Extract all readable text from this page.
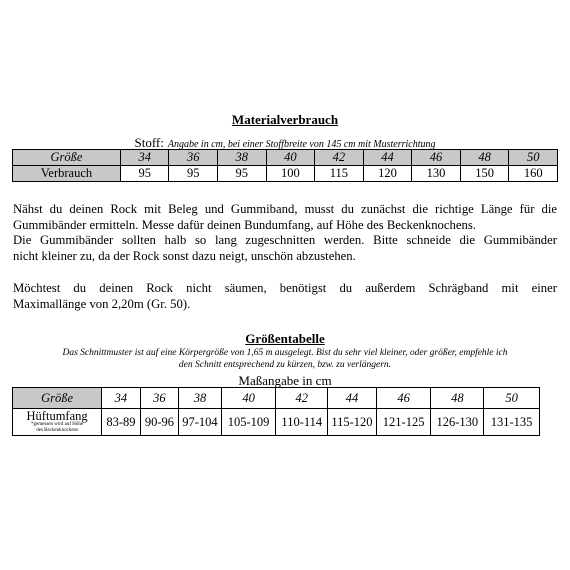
Materialverbrauch
Stoff: Angabe in cm, bei einer Stoffbreite von 145 cm mit Musterrichtung
Größe	34	36	38	40	42	44	46	48	50
Verbrauch	95	95	95	100	115	120	130	150	160
Nähst du deinen Rock mit Beleg und Gummiband, musst du zunächst die richtige Länge für die
Gummibänder ermitteln. Messe dafür deinen Bundumfang, auf Höhe des Beckenknochens.
Die Gummibänder sollten halb so lang zugeschnitten werden. Bitte schneide die Gummibänder
nicht kleiner zu, da der Rock sonst dazu neigt, unschön abzustehen.
Möchtest du deinen Rock nicht säumen, benötigst du außerdem Schrägband mit einer
Maximallänge von 2,20m (Gr. 50).
Größentabelle
Das Schnittmuster ist auf eine Körpergröße von 1,65 m ausgelegt. Bist du sehr viel kleiner, oder größer, empfehle ich
den Schnitt entsprechend zu kürzen, bzw. zu verlängern.
Maßangabe in cm
Größe	34	36	38	40	42	44	46	48	50

Hüftumfang
*gemessen wird auf Höhe
des Beckenknochens	83-89	90-96	97-104	105-109	110-114	115-120	121-125	126-130	131-135
